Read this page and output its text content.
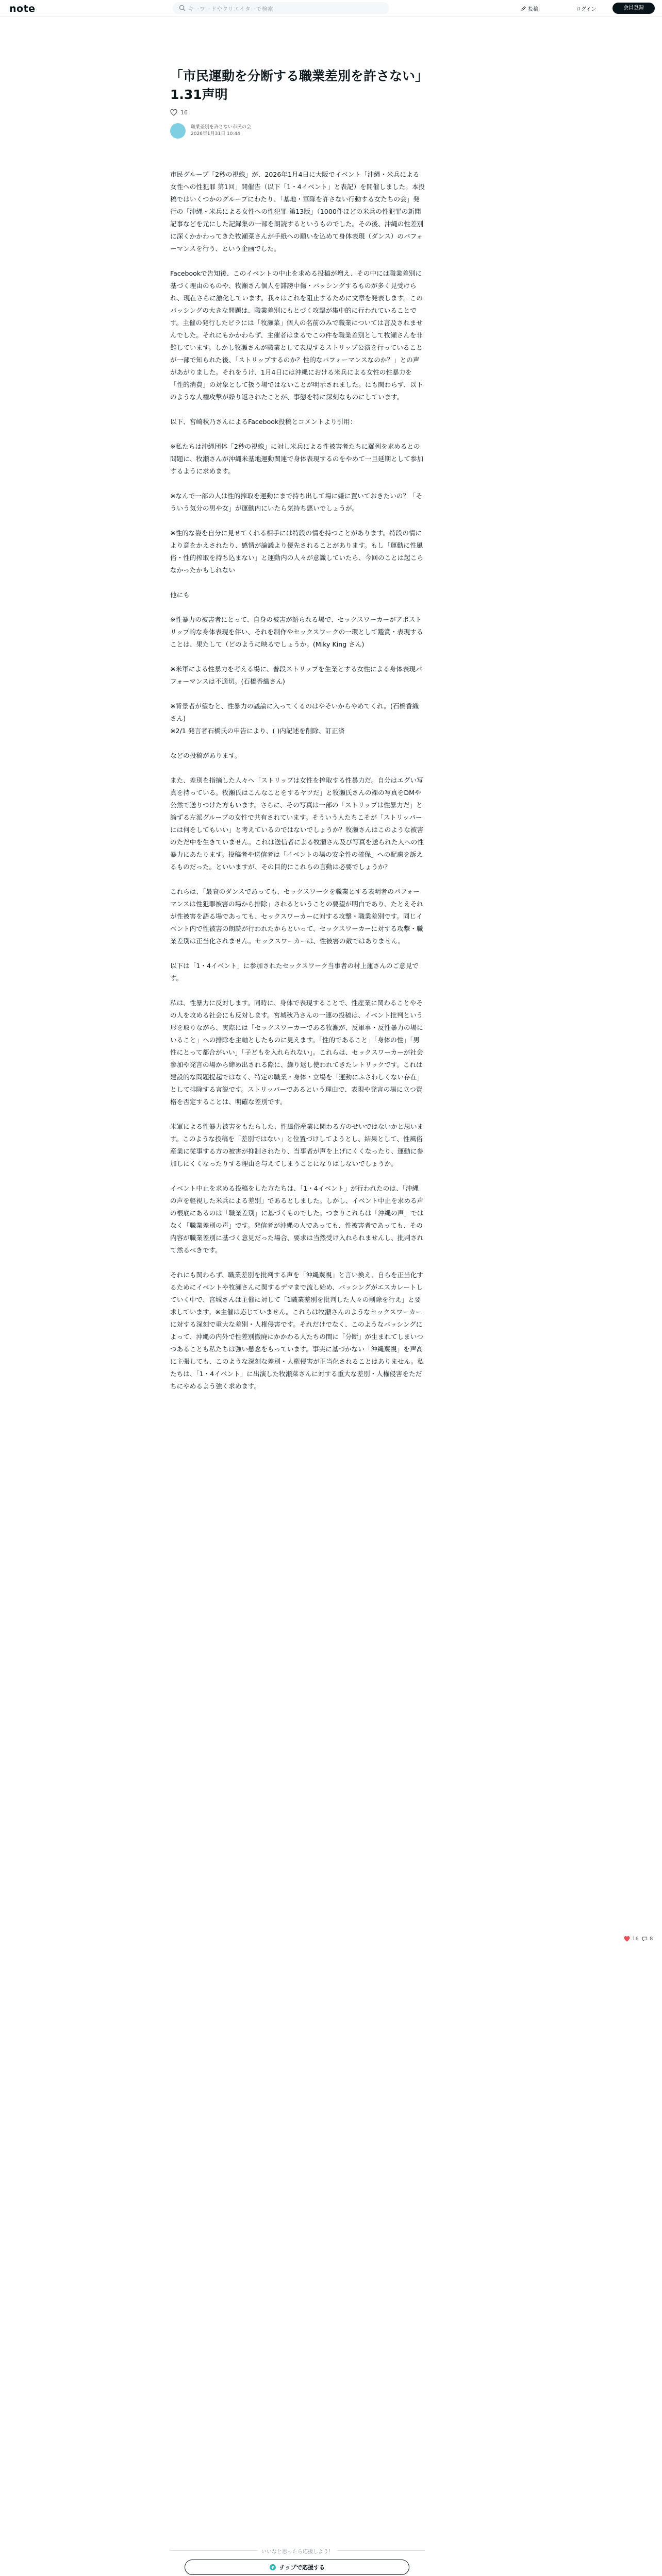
note	キーワードやクリエイターで検索	投稿	ログイン	会員登録
「市民運動を分断する職業差別を許さない」1.31声明
16
職業差別を許さない市民の会
2026年1月31日 10:44

市民グループ「2秒の視線」が、2026年1月4日に大阪でイベント「沖縄・米兵による女性への性犯罪 第1回」開催告（以下「1・4イベント」と表記）を開催しました。本投稿ではいくつかのグループにわたり、「基地・軍隊を許さない行動する女たちの会」発行の「沖縄・米兵による女性への性犯罪 第13版」（1000件ほどの米兵の性犯罪の新聞記事などを元にした記録集の一部を朗読するというものでした。その後、沖縄の性差別に深くかかわってきた牧瀬菜さんが手紙への願いを込めて身体表現（ダンス）のパフォーマンスを行う、という企画でした。

Facebookで告知後、このイベントの中止を求める投稿が増え、その中には職業差別に基づく理由のものや、牧瀬さん個人を誹謗中傷・バッシングするものが多く見受けられ、現在さらに激化しています。我々はこれを阻止するために文章を発表します。このバッシングの大きな問題は、職業差別にもとづく攻撃が集中的に行われていることです。主催の発行したビラには「牧瀬菜」個人の名前のみで職業については言及されませんでした。それにもかかわらず、主催者はまるでこの件を職業差別として牧瀬さんを非難しています。しかし牧瀬さんが職業として表現するストリップ公演を行っていることが一部で知られた後、「ストリップするのか？性的なパフォーマンスなのか？」との声があがりました。それをうけ、1月4日には沖縄における米兵による女性の性暴力を「性的消費」の対象として扱う場ではないことが明示されました。にも関わらず、以下のような人権攻撃が繰り返されたことが、事態を特に深刻なものにしています。

以下、宮崎秋乃さんによるFacebook投稿とコメントより引用：

※私たちは沖縄団体「2秒の視線」に対し米兵による性被害者たちに羅列を求めるとの問題に、牧瀬さんが沖縄米基地運動関連で身体表現するのをやめて一旦延期として参加するように求めます。

※なんで一部の人は性的搾取を運動にまで持ち出して場に嫌に置いておきたいの？「そういう気分の男や女」が運動内にいたら気持ち悪いでしょうが。

※性的な姿を自分に見せてくれる相手には特段の情を持つことがあります。特段の情により意をかえされたり、感情が論議より優先されることがあります。もし「運動に性風俗・性的搾取を持ち込まない」と運動内の人々が意識していたら、今回のことは起こらなかったかもしれない

他にも

※性暴力の被害者にとって、自身の被害が語られる場で、セックスワーカーがアボストリップ的な身体表現を伴い、それを制作やセックスワークの一環として鑑賞・表現することは、果たして（どのように映るでしょうか。(Miky King さん)

※米軍による性暴力を考える場に、普段ストリップを生業とする女性による身体表現パフォーマンスは不適切。(石橋香織さん)

※背景者が望むと、性暴力の議論に入ってくるのはやそいからやめてくれ。(石橋香織さん)
※2/1 発言者石橋氏の申告により、( )内記述を削除、訂正済

などの投稿があります。

また、差別を指摘した人々へ「ストリップは女性を搾取する性暴力だ。自分はエグい写真を持っている。牧瀬氏はこんなことをするヤツだ」と牧瀬氏さんの裸の写真をDMや公然で送りつけた方もいます。さらに、その写真は一部の「ストリップは性暴力だ」と論ずる左派グループの女性で共有されています。そういう人たちこそが「ストリッパーには何をしてもいい」と考えているのではないでしょうか？牧瀬さんはこのような被害のただ中を生きていません。これは送信者による牧瀬さん及び写真を送られた人への性暴力にあたります。投稿者や送信者は「イベントの場の安全性の確保」への配慮を訴えるものだった。といいますが、その目的にこれらの言動は必要でしょうか？

これらは、「最衰のダンスであっても、セックスワークを職業とする表明者のパフォーマンスは性犯罪被害の場から排除」されるということの要望が明白であり、たとえそれが性被害を語る場であっても、セックスワーカーに対する攻撃・職業差別です。同じイベント内で性被害の朗読が行われたからといって、セックスワーカーに対する攻撃・職業差別は正当化されません。セックスワーカーは、性被害の敵ではありません。

以下は「1・4イベント」に参加されたセックスワーク当事者の村上蓮さんのご意見です。

私は、性暴力に反対します。同時に、身体で表現することで、性産業に関わることやその人を攻める社会にも反対します。宮城秋乃さんの一連の投稿は、イベント批判という形を取りながら、実際には「セックスワーカーである牧瀬が、反軍事・反性暴力の場にいること」への排除を主軸としたものに見えます。「性的であること」「身体の性」「男性にとって都合がいい」「子どもを入れられない」。これらは、セックスワーカーが社会参加や発言の場から締め出される際に、繰り返し使われてきたレトリックです。これは建設的な問題提起ではなく、特定の職業・身体・立場を「運動にふさわしくない存在」として排除する言説です。ストリッパーであるという理由で、表現や発言の場に立つ資格を否定することは、明確な差別です。

米軍による性暴力被害をもたらした、性風俗産業に関わる方のせいではないかと思います。このような投稿を「差別ではない」と位置づけしてようとし、結果として、性風俗産業に従事する方の被害が抑制されたり、当事者が声を上げにくくなったり、運動に参加しにくくなったりする理由を与えてしまうことになりはしないでしょうか。

イベント中止を求める投稿をした方たちは、「1・4イベント」が行われたのは、「沖縄の声を軽視した米兵による差別」であるとしました。しかし、イベント中止を求める声の根底にあるのは「職業差別」に基づくものでした。つまりこれらは「沖縄の声」ではなく「職業差別の声」です。発信者が沖縄の人であっても、性被害者であっても、その内容が職業差別に基づく意見だった場合、要求は当然受け入れられませんし、批判されて然るべきです。

それにも関わらず、職業差別を批判する声を「沖縄蔑視」と言い換え、自らを正当化するためにイベントや牧瀬さんに関するデマまで流し始め、バッシングがエスカレートしていく中で、宮城さんは主催に対して「1職業差別を批判した人々の削除を行え」と要求しています。※主催は応じていません。これらは牧瀬さんのようなセックスワーカーに対する深刻で重大な差別・人権侵害です。それだけでなく、このようなバッシングによって、沖縄の内外で性差別撤廃にかかわる人たちの間に「分断」が生まれてしまいつつあることも私たちは強い懸念をもっています。事実に基づかない「沖縄蔑視」を声高に主張しても、このような深刻な差別・人権侵害が正当化されることはありません。私たちは、「1・4イベント」に出演した牧瀬菜さんに対する重大な差別・人権侵害をただちにやめるよう強く求めます。

16 8
いいなと思ったら応援しよう！
¥ チップで応援する
